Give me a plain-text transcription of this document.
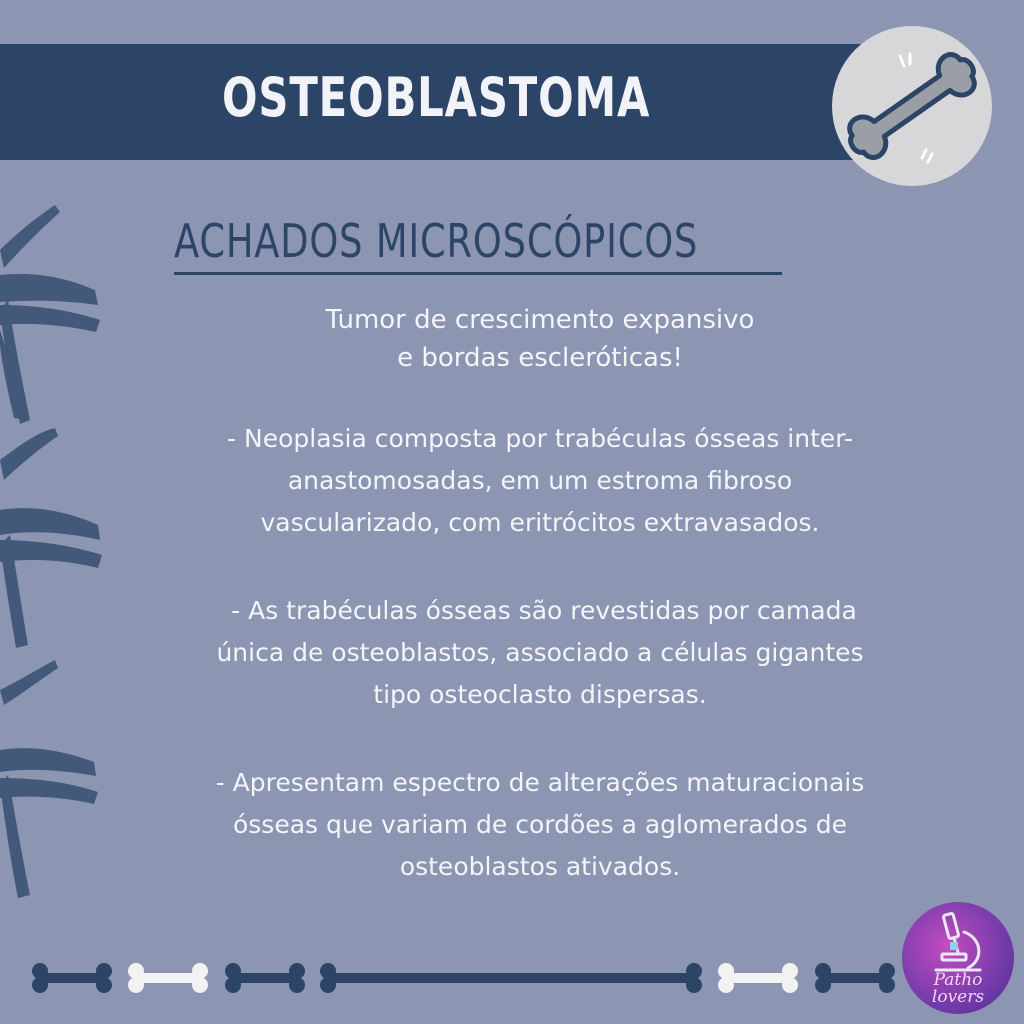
OSTEOBLASTOMA
ACHADOS MICROSCÓPICOS
Tumor de crescimento expansivo
e bordas escleróticas!
- Neoplasia composta por trabéculas ósseas inter-
anastomosadas, em um estroma fibroso
vascularizado, com eritrócitos extravasados.
- As trabéculas ósseas são revestidas por camada
única de osteoblastos, associado a células gigantes
tipo osteoclasto dispersas.
- Apresentam espectro de alterações maturacionais
ósseas que variam de cordões a aglomerados de
osteoblastos ativados.
Patho
lovers
